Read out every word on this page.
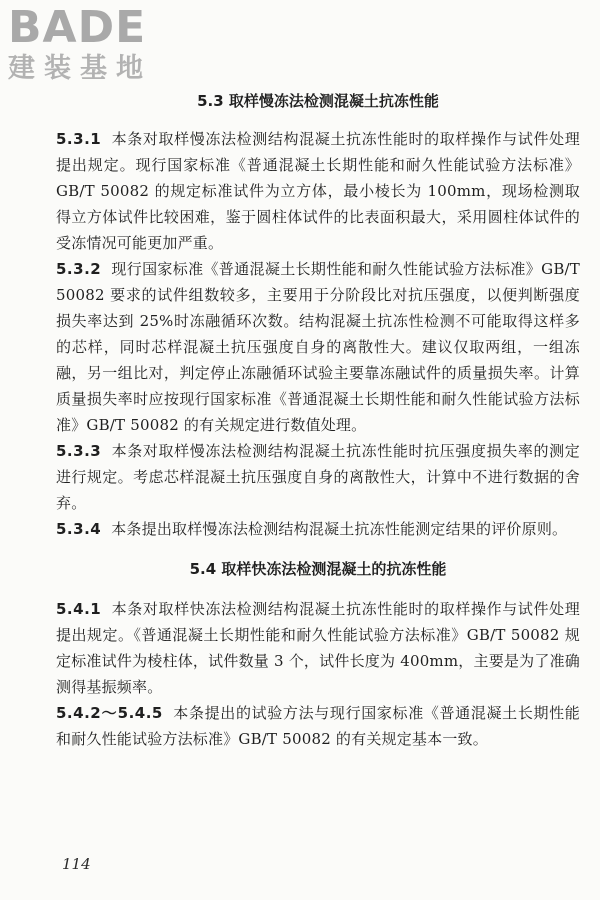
BADE
建装基地
5.3 取样慢冻法检测混凝土抗冻性能

5.3.1 本条对取样慢冻法检测结构混凝土抗冻性能时的取样操作与试件处理提出规定。现行国家标准《普通混凝土长期性能和耐久性能试验方法标准》GB/T 50082 的规定标准试件为立方体，最小棱长为 100mm，现场检测取得立方体试件比较困难，鉴于圆柱体试件的比表面积最大，采用圆柱体试件的受冻情况可能更加严重。

5.3.2 现行国家标准《普通混凝土长期性能和耐久性能试验方法标准》GB/T 50082 要求的试件组数较多，主要用于分阶段比对抗压强度，以便判断强度损失率达到 25%时冻融循环次数。结构混凝土抗冻性检测不可能取得这样多的芯样，同时芯样混凝土抗压强度自身的离散性大。建议仅取两组，一组冻融，另一组比对，判定停止冻融循环试验主要靠冻融试件的质量损失率。计算质量损失率时应按现行国家标准《普通混凝土长期性能和耐久性能试验方法标准》GB/T 50082 的有关规定进行数值处理。

5.3.3 本条对取样慢冻法检测结构混凝土抗冻性能时抗压强度损失率的测定进行规定。考虑芯样混凝土抗压强度自身的离散性大，计算中不进行数据的舍弃。

5.3.4 本条提出取样慢冻法检测结构混凝土抗冻性能测定结果的评价原则。

5.4 取样快冻法检测混凝土的抗冻性能

5.4.1 本条对取样快冻法检测结构混凝土抗冻性能时的取样操作与试件处理提出规定。《普通混凝土长期性能和耐久性能试验方法标准》GB/T 50082 规定标准试件为棱柱体，试件数量 3 个，试件长度为 400mm，主要是为了准确测得基振频率。

5.4.2～5.4.5 本条提出的试验方法与现行国家标准《普通混凝土长期性能和耐久性能试验方法标准》GB/T 50082 的有关规定基本一致。

114
